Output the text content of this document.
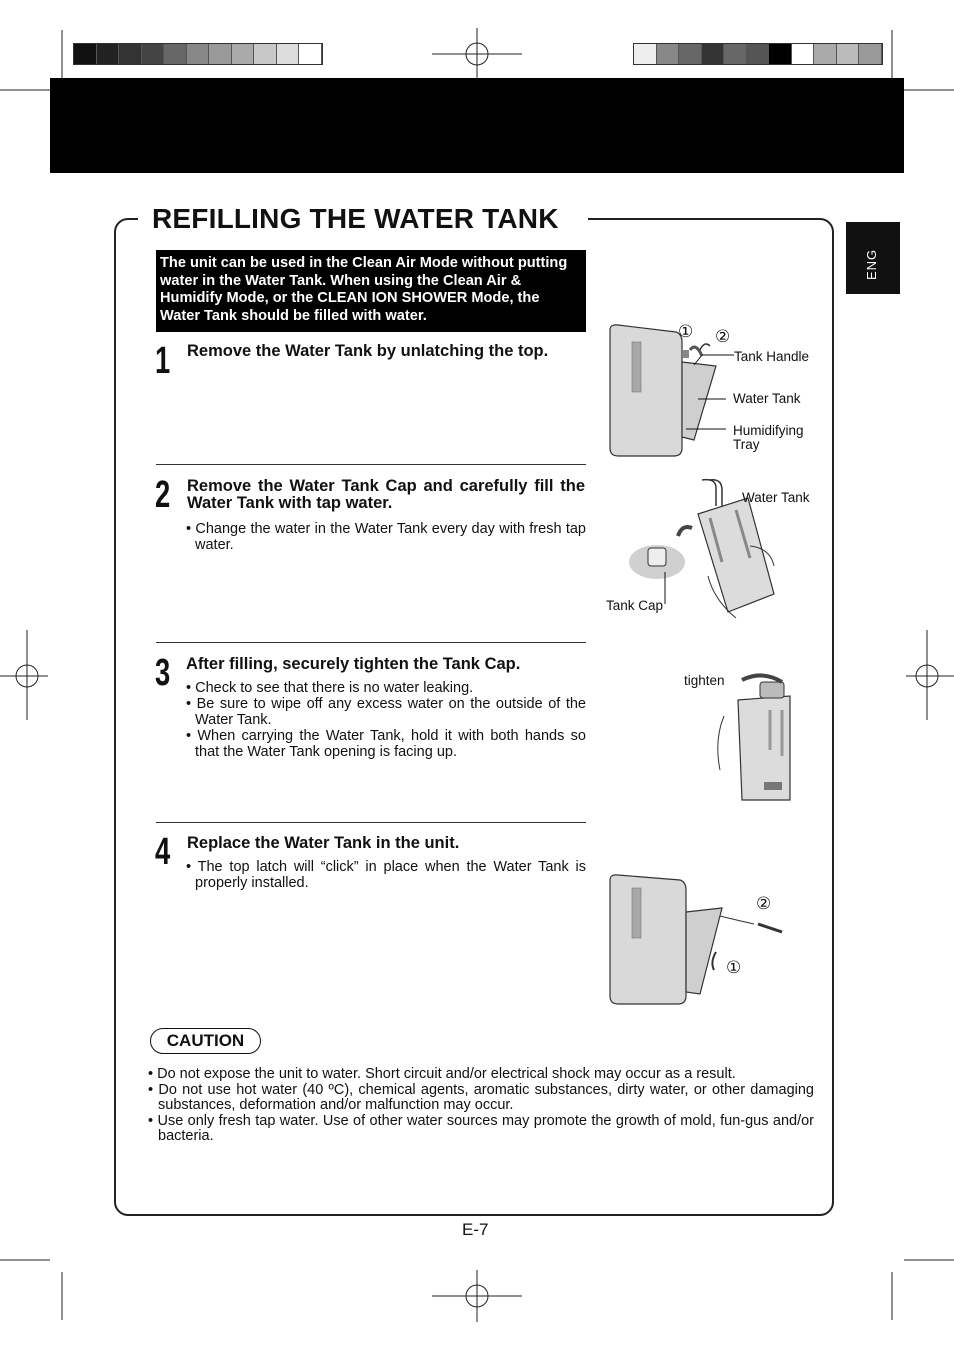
REFILLING THE WATER TANK
ENG
The unit can be used in the Clean Air Mode without putting water in the Water Tank. When using the Clean Air & Humidify Mode, or the CLEAN ION SHOWER Mode, the Water Tank should be filled with water.
1 Remove the Water Tank by unlatching the top.
2 Remove the Water Tank Cap and carefully fill the Water Tank with tap water.
• Change the water in the Water Tank every day with fresh tap water.
3 After filling, securely tighten the Tank Cap.
• Check to see that there is no water leaking.
• Be sure to wipe off any excess water on the outside of the Water Tank.
• When carrying the Water Tank, hold it with both hands so that the Water Tank opening is facing up.
4 Replace the Water Tank in the unit.
• The top latch will “click” in place when the Water Tank is properly installed.
① ②
Tank Handle
Water Tank
Humidifying Tray
Water Tank
Tank Cap
tighten
②
①
CAUTION
• Do not expose the unit to water. Short circuit and/or electrical shock may occur as a result.
• Do not use hot water (40 ºC), chemical agents, aromatic substances, dirty water, or other damaging substances, deformation and/or malfunction may occur.
• Use only fresh tap water. Use of other water sources may promote the growth of mold, fun-gus and/or bacteria.
E-7
